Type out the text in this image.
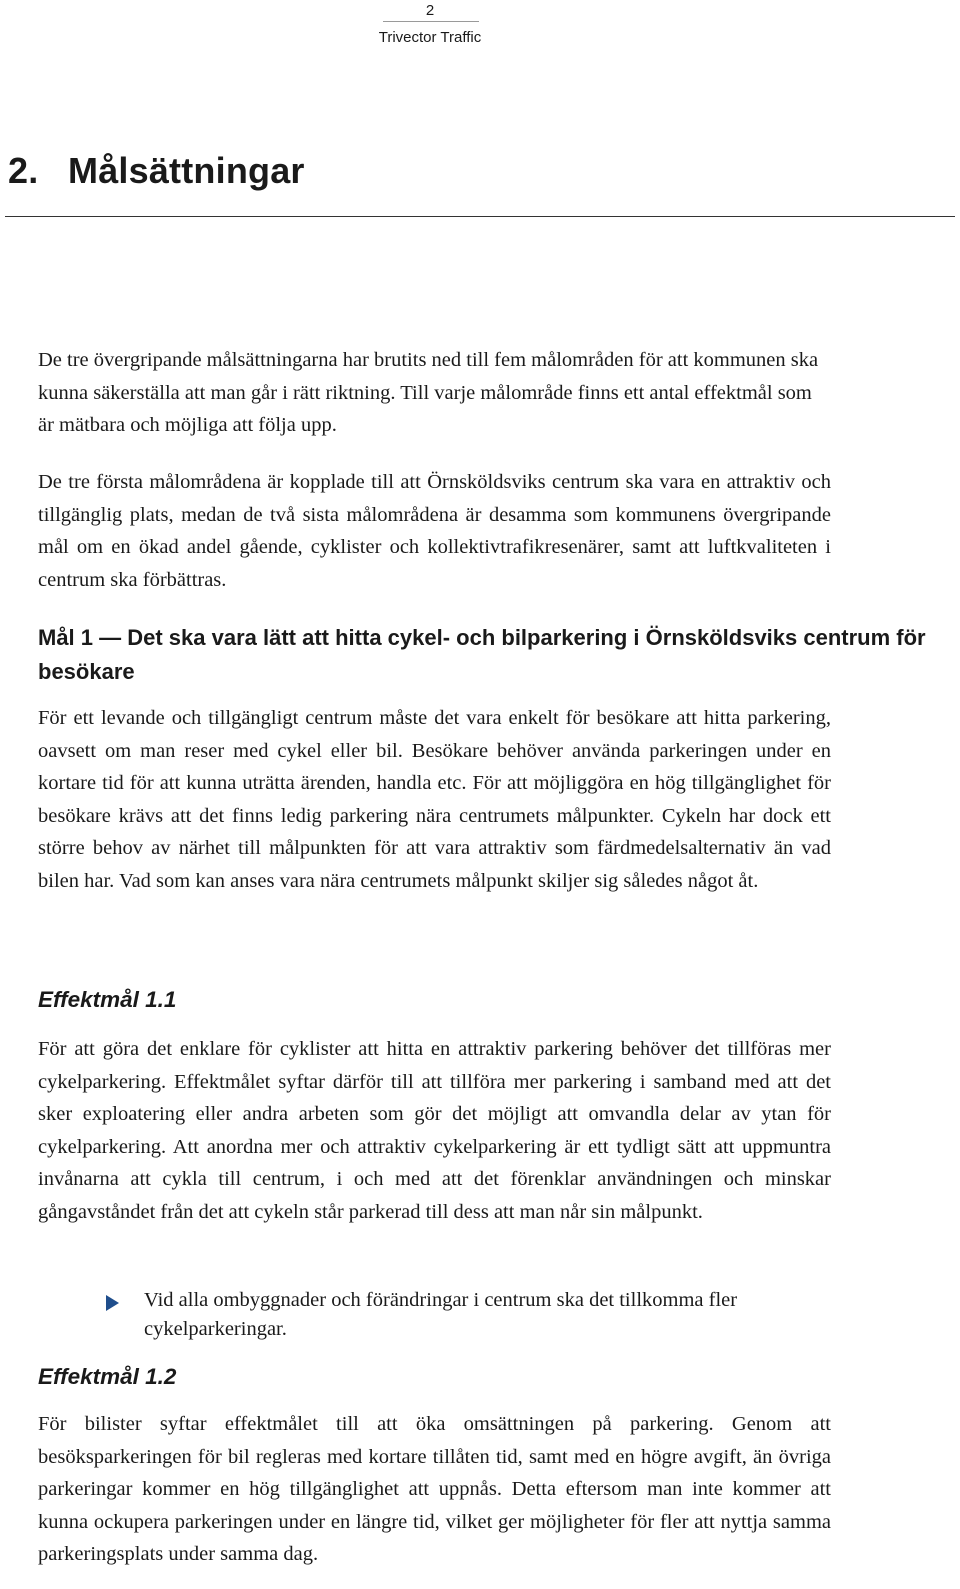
2
Trivector Traffic
2. Målsättningar

De tre övergripande målsättningarna har brutits ned till fem målområden för att kommunen ska kunna säkerställa att man går i rätt riktning. Till varje målområde finns ett antal effektmål som är mätbara och möjliga att följa upp.

De tre första målområdena är kopplade till att Örnsköldsviks centrum ska vara en attraktiv och tillgänglig plats, medan de två sista målområdena är desamma som kommunens övergripande mål om en ökad andel gående, cyklister och kollektivtrafikresenärer, samt att luftkvaliteten i centrum ska förbättras.

Mål 1 — Det ska vara lätt att hitta cykel- och bilparkering i Örnsköldsviks centrum för besökare

För ett levande och tillgängligt centrum måste det vara enkelt för besökare att hitta parkering, oavsett om man reser med cykel eller bil. Besökare behöver använda parkeringen under en kortare tid för att kunna uträtta ärenden, handla etc. För att möjliggöra en hög tillgänglighet för besökare krävs att det finns ledig parkering nära centrumets målpunkter. Cykeln har dock ett större behov av närhet till målpunkten för att vara attraktiv som färdmedelsalternativ än vad bilen har. Vad som kan anses vara nära centrumets målpunkt skiljer sig således något åt.

Effektmål 1.1

För att göra det enklare för cyklister att hitta en attraktiv parkering behöver det tillföras mer cykelparkering. Effektmålet syftar därför till att tillföra mer parkering i samband med att det sker exploatering eller andra arbeten som gör det möjligt att omvandla delar av ytan för cykelparkering. Att anordna mer och attraktiv cykelparkering är ett tydligt sätt att uppmuntra invånarna att cykla till centrum, i och med att det förenklar användningen och minskar gångavståndet från det att cykeln står parkerad till dess att man når sin målpunkt.

Vid alla ombyggnader och förändringar i centrum ska det tillkomma fler cykelparkeringar.
Effektmål 1.2

För bilister syftar effektmålet till att öka omsättningen på parkering. Genom att besöksparkeringen för bil regleras med kortare tillåten tid, samt med en högre avgift, än övriga parkeringar kommer en hög tillgänglighet att uppnås. Detta eftersom man inte kommer att kunna ockupera parkeringen under en längre tid, vilket ger möjligheter för fler att nyttja samma parkeringsplats under samma dag.
